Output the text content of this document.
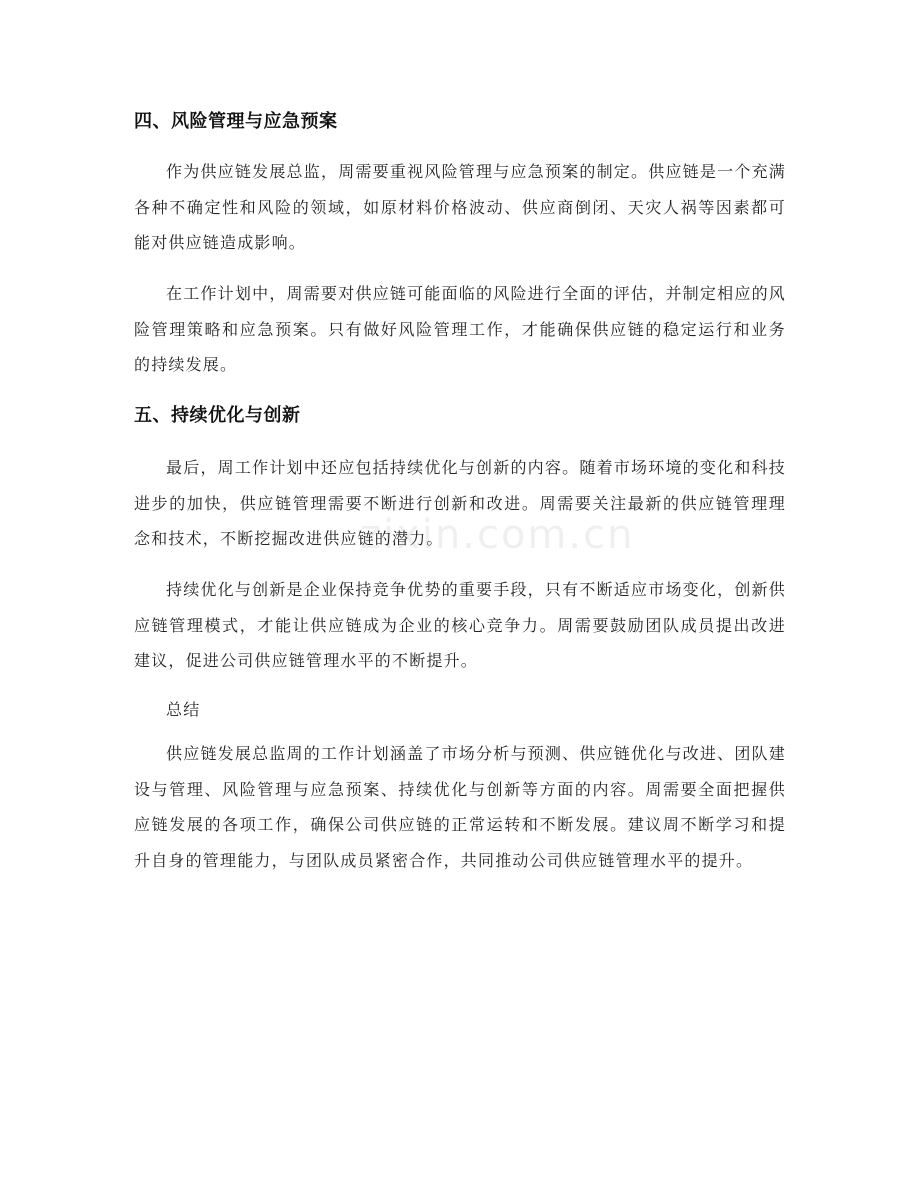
四、风险管理与应急预案

作为供应链发展总监，周需要重视风险管理与应急预案的制定。供应链是一个充满各种不确定性和风险的领域，如原材料价格波动、供应商倒闭、天灾人祸等因素都可能对供应链造成影响。

在工作计划中，周需要对供应链可能面临的风险进行全面的评估，并制定相应的风险管理策略和应急预案。只有做好风险管理工作，才能确保供应链的稳定运行和业务的持续发展。

五、持续优化与创新

最后，周工作计划中还应包括持续优化与创新的内容。随着市场环境的变化和科技进步的加快，供应链管理需要不断进行创新和改进。周需要关注最新的供应链管理理念和技术，不断挖掘改进供应链的潜力。

持续优化与创新是企业保持竞争优势的重要手段，只有不断适应市场变化，创新供应链管理模式，才能让供应链成为企业的核心竞争力。周需要鼓励团队成员提出改进建议，促进公司供应链管理水平的不断提升。

总结

供应链发展总监周的工作计划涵盖了市场分析与预测、供应链优化与改进、团队建设与管理、风险管理与应急预案、持续优化与创新等方面的内容。周需要全面把握供应链发展的各项工作，确保公司供应链的正常运转和不断发展。建议周不断学习和提升自身的管理能力，与团队成员紧密合作，共同推动公司供应链管理水平的提升。

zixin.com.cn
